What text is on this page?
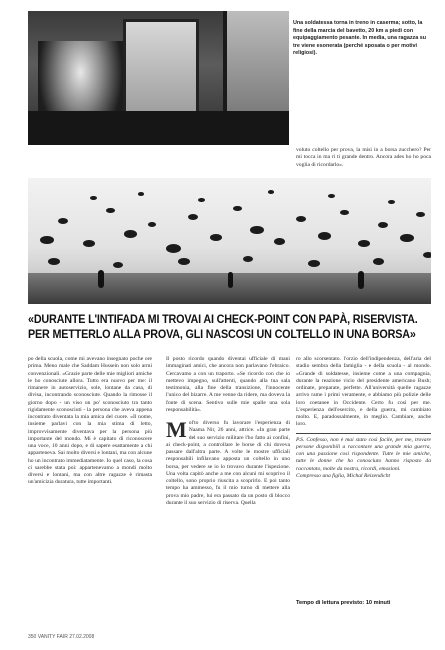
Una soldatessa torna in treno in caserma; sotto, la fine della marcia del bavetto, 20 km a piedi con equipaggiamento pesante. In media, una ragazza su tre viene esonerata (perché sposata o per motivi religiosi).

voluto coltello per prova, la misi in a borsa zucchero? Per mi tocca in ma ri ti grande dentro. Ancora ades ho ho poca voglia di ricordarlo».

«DURANTE L'INTIFADA MI TROVAI AI CHECK-POINT CON PAPÀ, RISERVISTA. PER METTERLO ALLA PROVA, GLI NASCOSI UN COLTELLO IN UNA BORSA»

po della scuola, come mi avevano insegnato poche ore prima. Meno male che Saddam Hussein non solo armi convenzionali. «Grazie parte delle mie migliori amiche le ho conosciute allora. Tutto era nuovo per me: il rimanere in autoservizio, sole, lontane da casa, di divisa, incontrando sconosciute. Quando la rimosse il giorno dopo - un viso un po' sconosciuto tra tanto rigidamente sconosciuti - la persona che aveva appena incontrato diventata la mia amica del cuore. «Il nome, insieme parlavi con la mia stima di letto, improvvisamente diventava per la persona più importante del mondo. Mi è capitato di riconoscere una voce, 10 anni dopo, e di sapere esattamente a chi apparteneva. Sai molto diversi e lontani, ma con alcune ho un incontrato immediatamente. Io quel caso, la cosa ci sarebbe stata poi: appartenevamo a mondi molto diversi e lontani, ma con altre ragazze è rimasta un'amicizia duratura, tutte importanti.

Il posto ricordo quando diventai ufficiale di mani immaginati amici, che ancora non parlavano l'ebraico. Cercavamo a con un traporto. «Se ricordo con che io mettevo impegno, sull'attenti, quando alla tua sala testimonia, alla fine della transizione, l'innocente l'unico del bizarre. A me venne da ridere, ma doveva la fonte di scena. Sentivo sulle mie spalle una sola responsabilità».

Mol'to diverso fu lavorare l'esperienza di Naama Nir, 26 anni, attrice. «In gran parte del suo servizio militare l'ho fatto ai confini, ai check-point, a controllare le borse di chi doveva passare dall'altra parte. A volte le mostre ufficiali responsabili infilavano apposta un coltello in uno borsa, per vedere se io lo trovavo durante l'ispezione. Una volta capitò anche a me con alcuni mi scoprivo il coltello, sono proprio riuscita a scoprirlo. E poi tanto tempo ha ammesso, fu il mio turno di mettere alla prova mio padre, lui era passato da un posto di blocco durante il suo servizio di riserva. Quella

ro allo scorsentato. l'orzio dell'indipendenza, dell'aria del stadio sembra della famiglia - e della scuola - al mondo. «Grande di soldatesse, insieme come a una compagnia, durante la reazione vicio del presidente americano Bush; ordinate, preparate, perfette. All'università quelle ragazze arrivo rame i primi veramente, e abbiamo più polizie delle loro coetanee in Occidente. Certo fu così per me. L'esperienza dell'esercito, e della guerra, mi cambiato molto. E, paradossalmente, in meglio. Cambiare, anche loro.

P.S. Confesso, non è mai stato così facile, per me, trovare persone disponibili a raccontare una grande mia guerra, con una passione così rispondente. Tutte le mie amiche, tutte le donne che ho conosciuto hanno risposto da raccontato, molte da nostra, ricordi, emozioni.

Compresso una figlia, Michal Reizendicht

Tempo di lettura previsto: 10 minuti
350 VANITY FAIR 27.02.2008
